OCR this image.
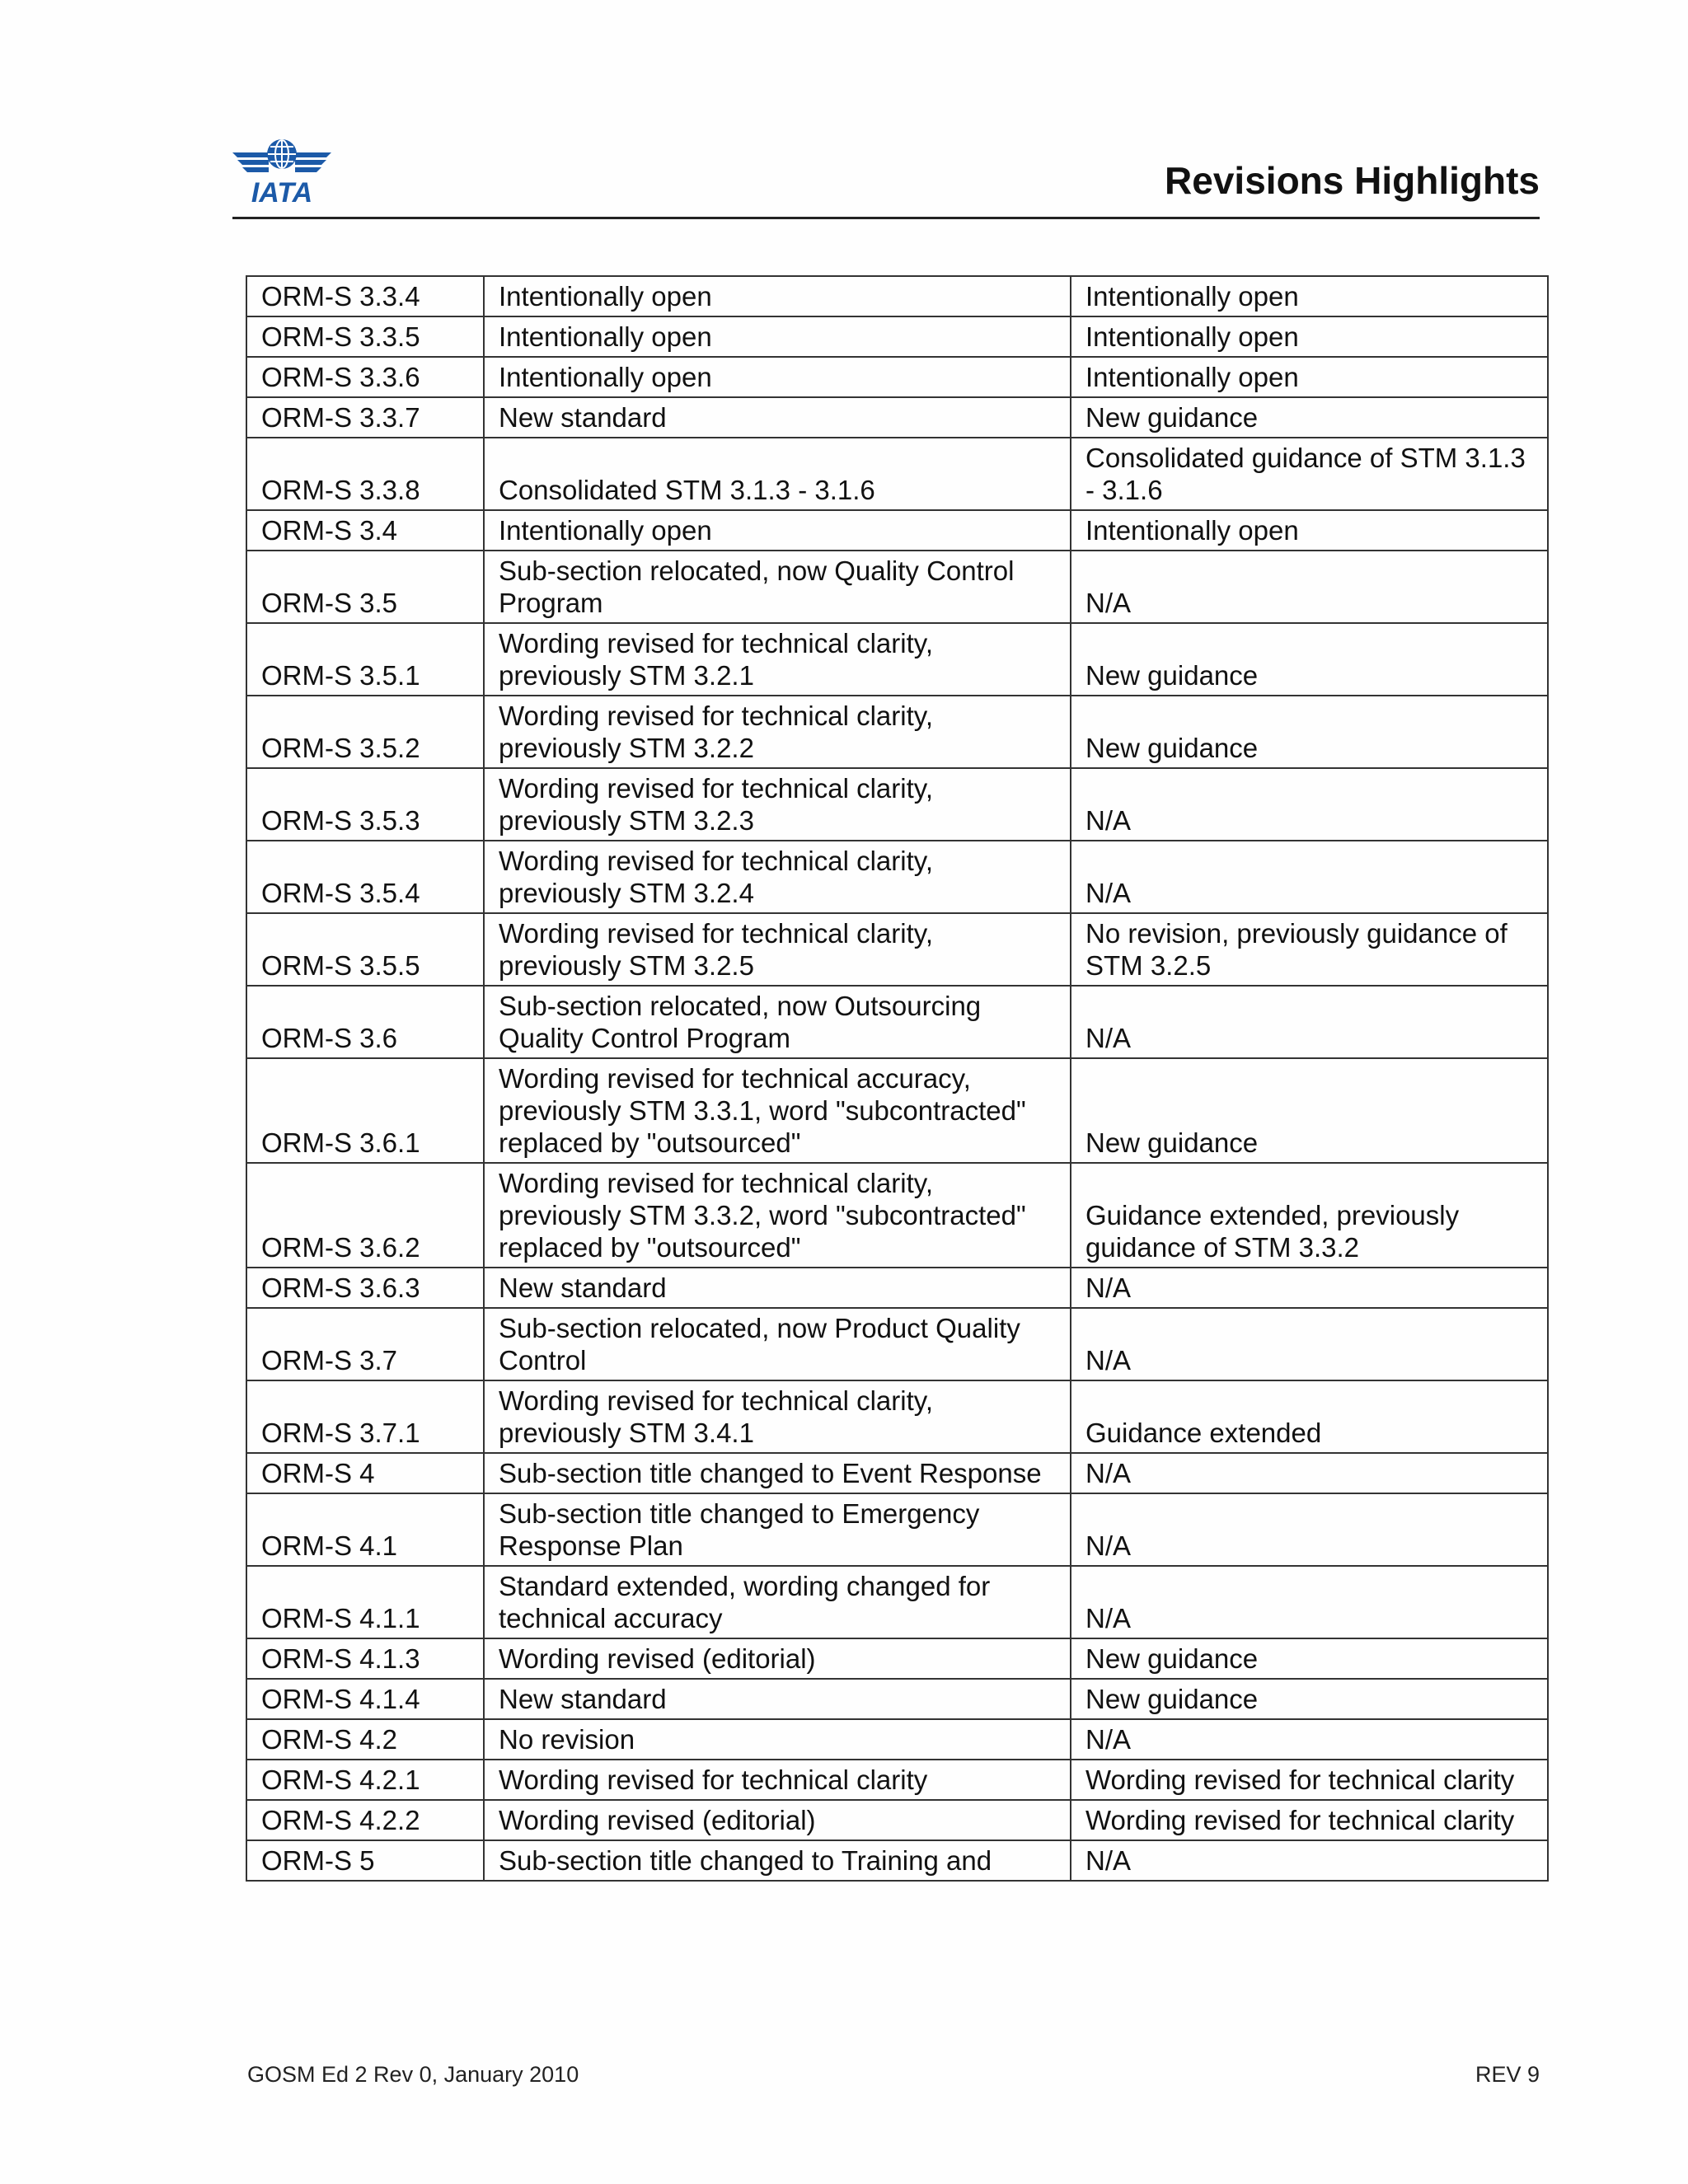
IATA	Revisions Highlights
ORM-S 3.3.4	Intentionally open	Intentionally open
ORM-S 3.3.5	Intentionally open	Intentionally open
ORM-S 3.3.6	Intentionally open	Intentionally open
ORM-S 3.3.7	New standard	New guidance
ORM-S 3.3.8	Consolidated STM 3.1.3 - 3.1.6	Consolidated guidance of STM 3.1.3 - 3.1.6
ORM-S 3.4	Intentionally open	Intentionally open
ORM-S 3.5	Sub-section relocated, now Quality Control Program	N/A
ORM-S 3.5.1	Wording revised for technical clarity, previously STM 3.2.1	New guidance
ORM-S 3.5.2	Wording revised for technical clarity, previously STM 3.2.2	New guidance
ORM-S 3.5.3	Wording revised for technical clarity, previously STM 3.2.3	N/A
ORM-S 3.5.4	Wording revised for technical clarity, previously STM 3.2.4	N/A
ORM-S 3.5.5	Wording revised for technical clarity, previously STM 3.2.5	No revision, previously guidance of STM 3.2.5
ORM-S 3.6	Sub-section relocated, now Outsourcing Quality Control Program	N/A
ORM-S 3.6.1	Wording revised for technical accuracy, previously STM 3.3.1, word "subcontracted" replaced by "outsourced"	New guidance
ORM-S 3.6.2	Wording revised for technical clarity, previously STM 3.3.2, word "subcontracted" replaced by "outsourced"	Guidance extended, previously guidance of STM 3.3.2
ORM-S 3.6.3	New standard	N/A
ORM-S 3.7	Sub-section relocated, now Product Quality Control	N/A
ORM-S 3.7.1	Wording revised for technical clarity, previously STM 3.4.1	Guidance extended
ORM-S 4	Sub-section title changed to Event Response	N/A
ORM-S 4.1	Sub-section title changed to Emergency Response Plan	N/A
ORM-S 4.1.1	Standard extended, wording changed for technical accuracy	N/A
ORM-S 4.1.3	Wording revised (editorial)	New guidance
ORM-S 4.1.4	New standard	New guidance
ORM-S 4.2	No revision	N/A
ORM-S 4.2.1	Wording revised for technical clarity	Wording revised for technical clarity
ORM-S 4.2.2	Wording revised (editorial)	Wording revised for technical clarity
ORM-S 5	Sub-section title changed to Training and	N/A
GOSM Ed 2 Rev 0, January 2010	REV 9
